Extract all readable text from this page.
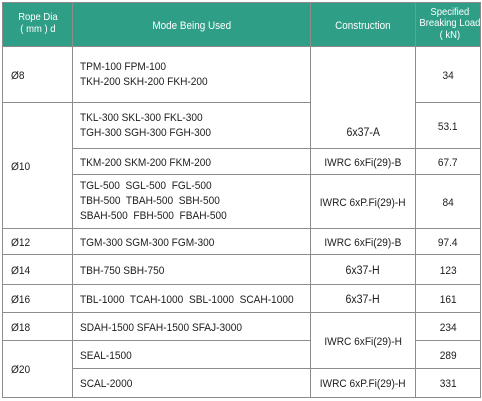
Rope Dia
( mm ) d	Mode Being Used	Construction	Specified
Breaking Load
( kN)
Ø8	TPM-100 FPM-100
TKH-200 SKH-200 FKH-200	6x37-A	34
Ø10	TKL-300 SKL-300 FKL-300
TGH-300 SGH-300 FGH-300		53.1
	TKM-200 SKM-200 FKM-200	IWRC 6xFi(29)-B	67.7
	TGL-500  SGL-500  FGL-500
TBH-500  TBAH-500  SBH-500
SBAH-500  FBH-500  FBAH-500	IWRC 6xP.Fi(29)-H	84
Ø12	TGM-300 SGM-300 FGM-300	IWRC 6xFi(29)-B	97.4
Ø14	TBH-750 SBH-750	6x37-H	123
Ø16	TBL-1000  TCAH-1000  SBL-1000  SCAH-1000	6x37-H	161
Ø18	SDAH-1500 SFAH-1500 SFAJ-3000	IWRC 6xFi(29)-H	234
Ø20	SEAL-1500		289
	SCAL-2000	IWRC 6xP.Fi(29)-H	331
